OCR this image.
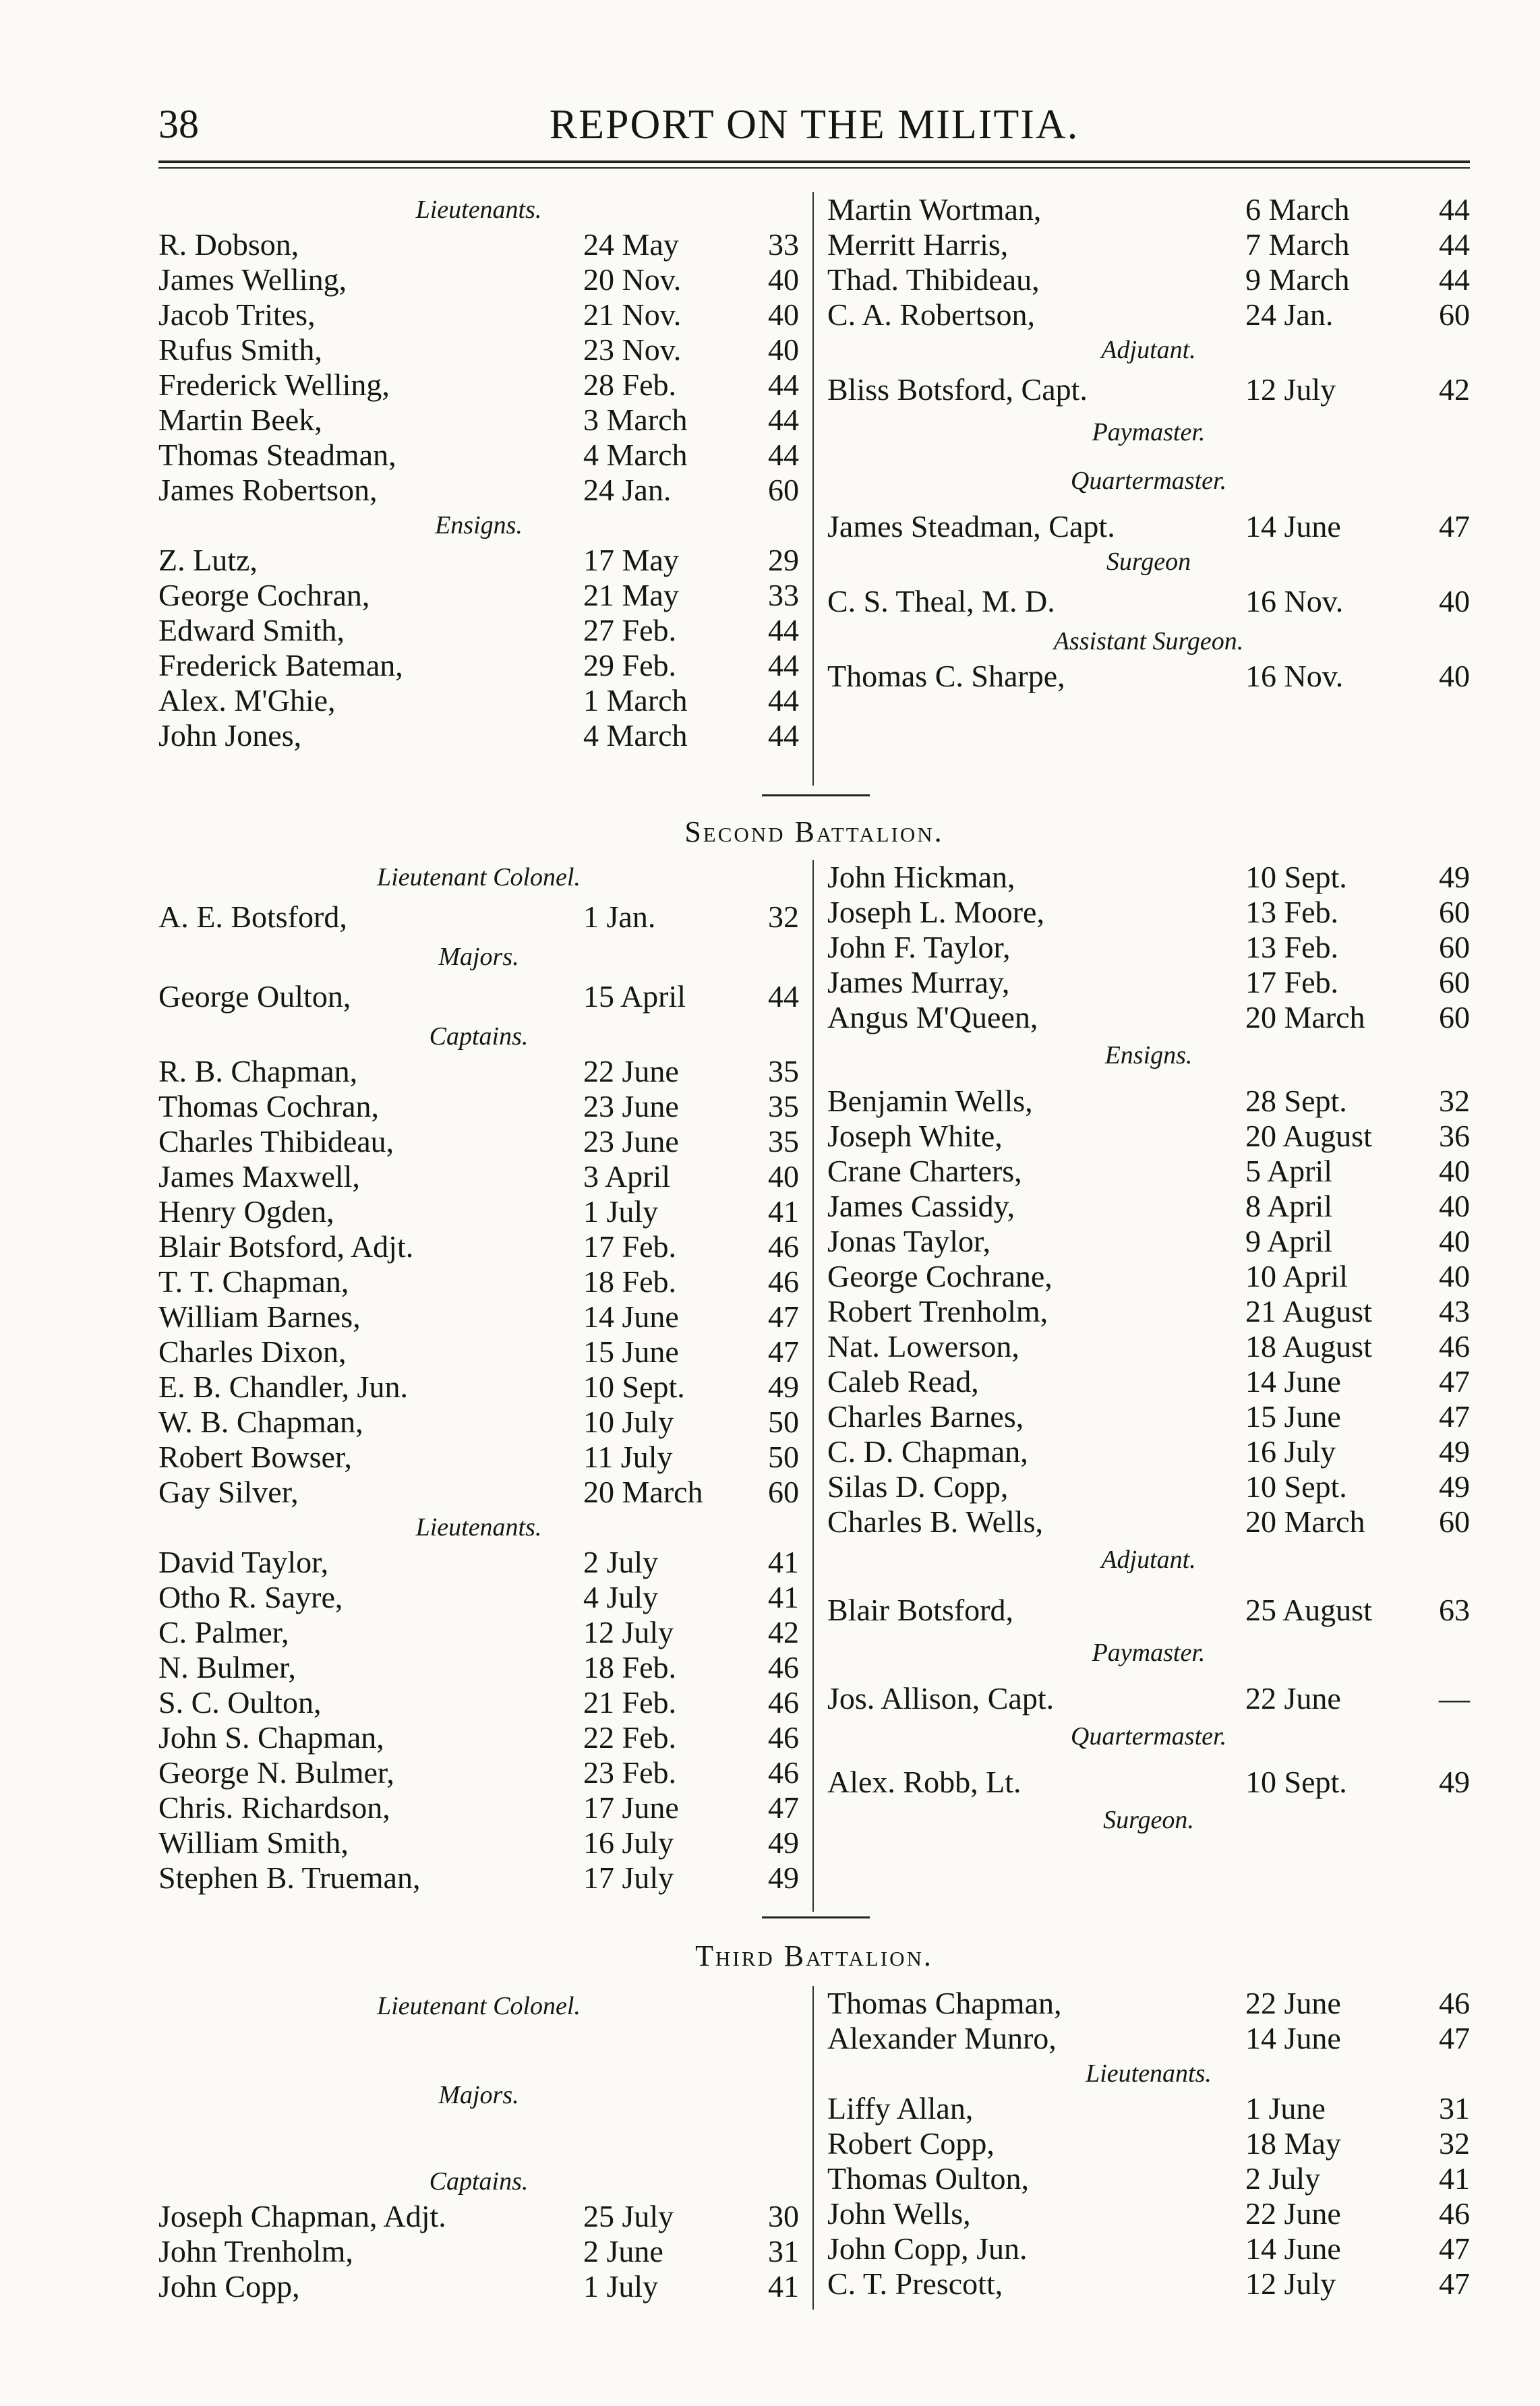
38	REPORT ON THE MILITIA.
Lieutenants.
R. Dobson,	24 May	33
James Welling,	20 Nov.	40
Jacob Trites,	21 Nov.	40
Rufus Smith,	23 Nov.	40
Frederick Welling,	28 Feb.	44
Martin Beek,	3 March	44
Thomas Steadman,	4 March	44
James Robertson,	24 Jan.	60
Ensigns.
Z. Lutz,	17 May	29
George Cochran,	21 May	33
Edward Smith,	27 Feb.	44
Frederick Bateman,	29 Feb.	44
Alex. M'Ghie,	1 March	44
John Jones,	4 March	44
Martin Wortman,	6 March	44
Merritt Harris,	7 March	44
Thad. Thibideau,	9 March	44
C. A. Robertson,	24 Jan.	60
Adjutant.
Bliss Botsford, Capt.	12 July	42
Paymaster.
Quartermaster.
James Steadman, Capt.	14 June	47
Surgeon
C. S. Theal, M. D.	16 Nov.	40
Assistant Surgeon.
Thomas C. Sharpe,	16 Nov.	40
Second Battalion.
Lieutenant Colonel.
A. E. Botsford,	1 Jan.	32
Majors.
George Oulton,	15 April	44
Captains.
R. B. Chapman,	22 June	35
Thomas Cochran,	23 June	35
Charles Thibideau,	23 June	35
James Maxwell,	3 April	40
Henry Ogden,	1 July	41
Blair Botsford, Adjt.	17 Feb.	46
T. T. Chapman,	18 Feb.	46
William Barnes,	14 June	47
Charles Dixon,	15 June	47
E. B. Chandler, Jun.	10 Sept.	49
W. B. Chapman,	10 July	50
Robert Bowser,	11 July	50
Gay Silver,	20 March 60
Lieutenants.
David Taylor,	2 July	41
Otho R. Sayre,	4 July	41
C. Palmer,	12 July	42
N. Bulmer,	18 Feb.	46
S. C. Oulton,	21 Feb.	46
John S. Chapman,	22 Feb.	46
George N. Bulmer,	23 Feb.	46
Chris. Richardson,	17 June	47
William Smith,	16 July	49
Stephen B. Trueman,	17 July	49
John Hickman,	10 Sept.	49
Joseph L. Moore,	13 Feb.	60
John F. Taylor,	13 Feb.	60
James Murray,	17 Feb.	60
Angus M'Queen,	20 March 60
Ensigns.
Benjamin Wells,	28 Sept.	32
Joseph White,	20 August 36
Crane Charters,	5 April	40
James Cassidy,	8 April	40
Jonas Taylor,	9 April	40
George Cochrane,	10 April	40
Robert Trenholm,	21 August 43
Nat. Lowerson,	18 August 46
Caleb Read,	14 June	47
Charles Barnes,	15 June	47
C. D. Chapman,	16 July	49
Silas D. Copp,	10 Sept.	49
Charles B. Wells,	20 March 60
Adjutant.
Blair Botsford,	25 August 63
Paymaster.
Jos. Allison, Capt.	22 June	—
Quartermaster.
Alex. Robb, Lt.	10 Sept.	49
Surgeon.
Third Battalion.
Lieutenant Colonel.
Majors.
Captains.
Joseph Chapman, Adjt.	25 July	30
John Trenholm,	2 June	31
John Copp,	1 July	41
Thomas Chapman,	22 June	46
Alexander Munro,	14 June	47
Lieutenants.
Liffy Allan,	1 June	31
Robert Copp,	18 May	32
Thomas Oulton,	2 July	41
John Wells,	22 June	46
John Copp, Jun.	14 June	47
C. T. Prescott,	12 July	47
